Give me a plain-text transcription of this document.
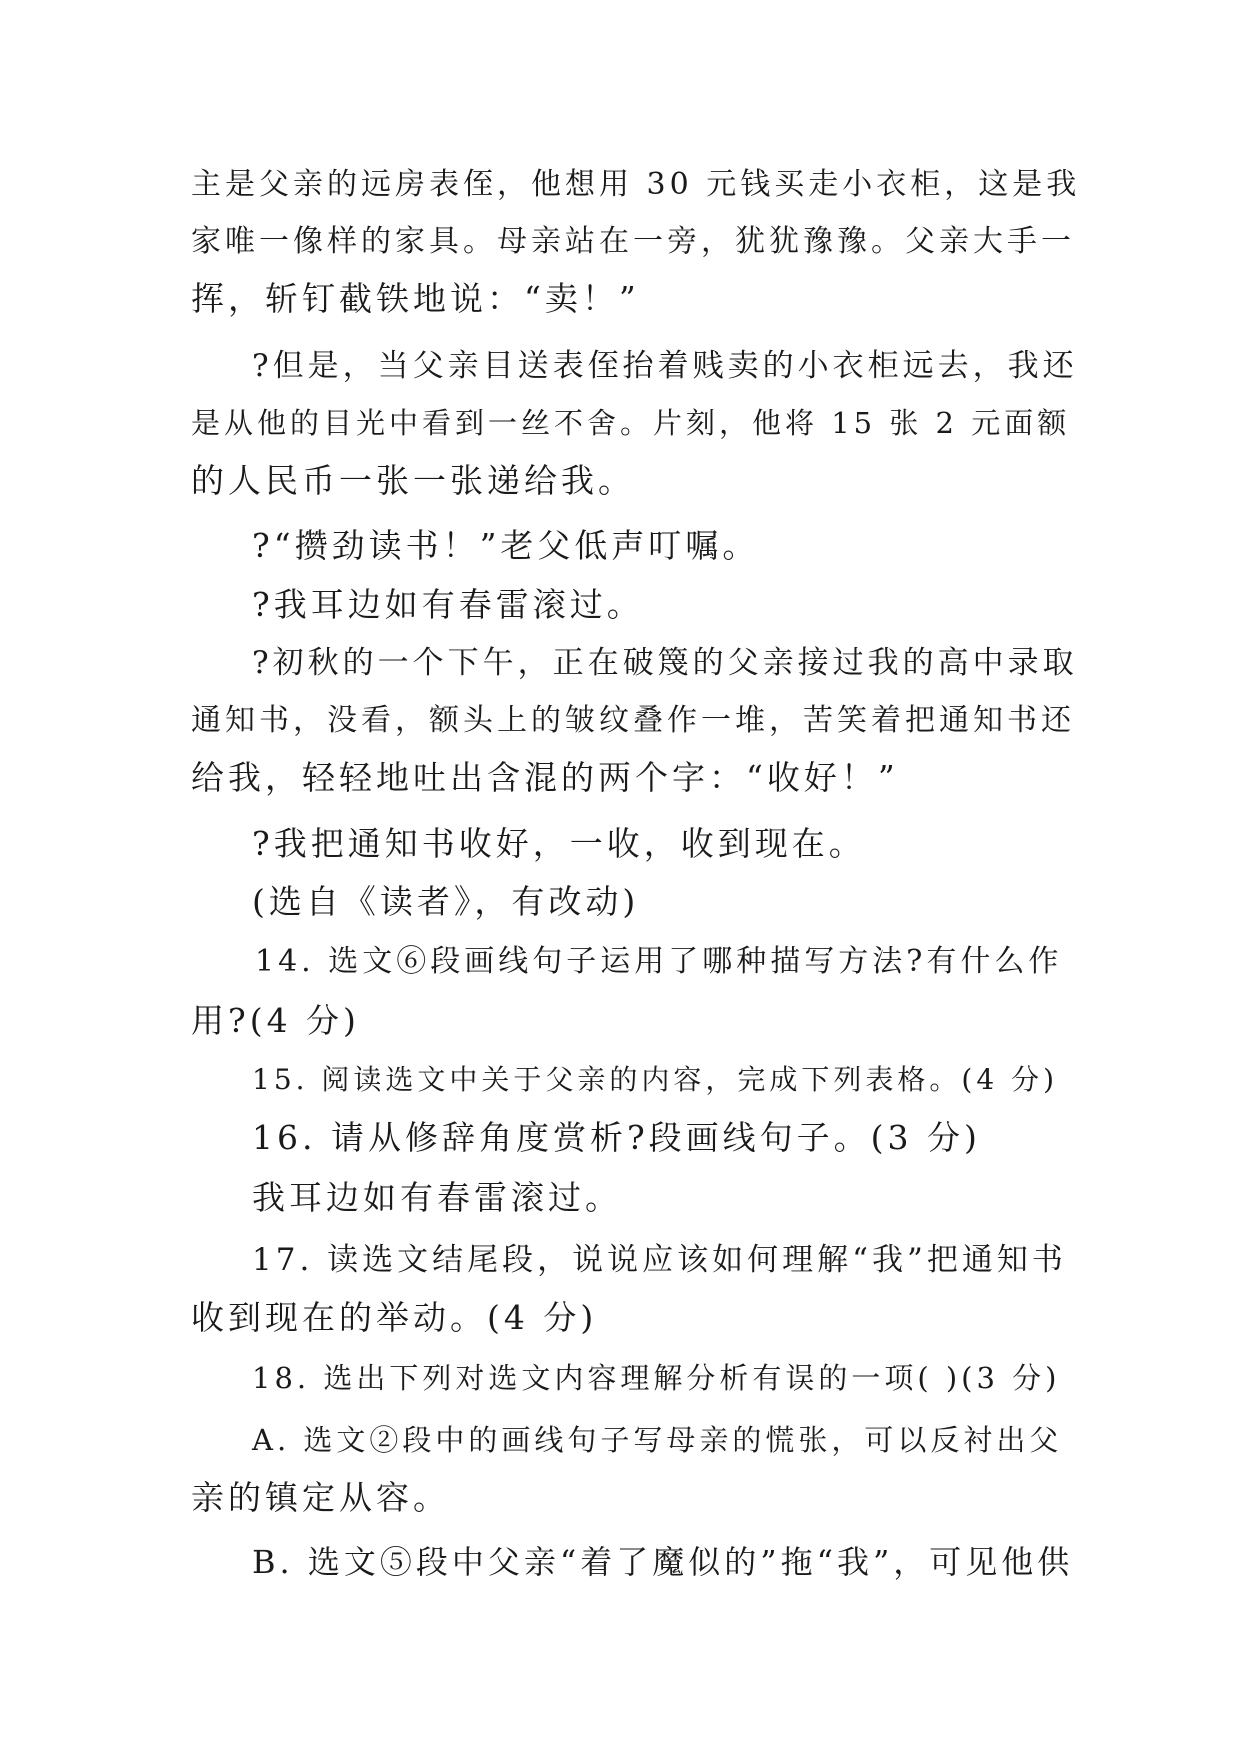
主是父亲的远房表侄，他想用 30 元钱买走小衣柜，这是我
家唯一像样的家具。母亲站在一旁，犹犹豫豫。父亲大手一
挥，斩钉截铁地说：“卖！”
?但是，当父亲目送表侄抬着贱卖的小衣柜远去，我还
是从他的目光中看到一丝不舍。片刻，他将 15 张 2 元面额
的人民币一张一张递给我。
?“攒劲读书！”老父低声叮嘱。
?我耳边如有春雷滚过。
?初秋的一个下午，正在破篾的父亲接过我的高中录取
通知书，没看，额头上的皱纹叠作一堆，苦笑着把通知书还
给我，轻轻地吐出含混的两个字：“收好！”
?我把通知书收好，一收，收到现在。
(选自《读者》，有改动)
14. 选文⑥段画线句子运用了哪种描写方法?有什么作
用?(4 分)
15. 阅读选文中关于父亲的内容，完成下列表格。(4 分)
16. 请从修辞角度赏析?段画线句子。(3 分)
我耳边如有春雷滚过。
17. 读选文结尾段，说说应该如何理解“我”把通知书
收到现在的举动。(4 分)
18. 选出下列对选文内容理解分析有误的一项( )(3 分)
A. 选文②段中的画线句子写母亲的慌张，可以反衬出父
亲的镇定从容。
B. 选文⑤段中父亲“着了魔似的”拖“我”，可见他供
